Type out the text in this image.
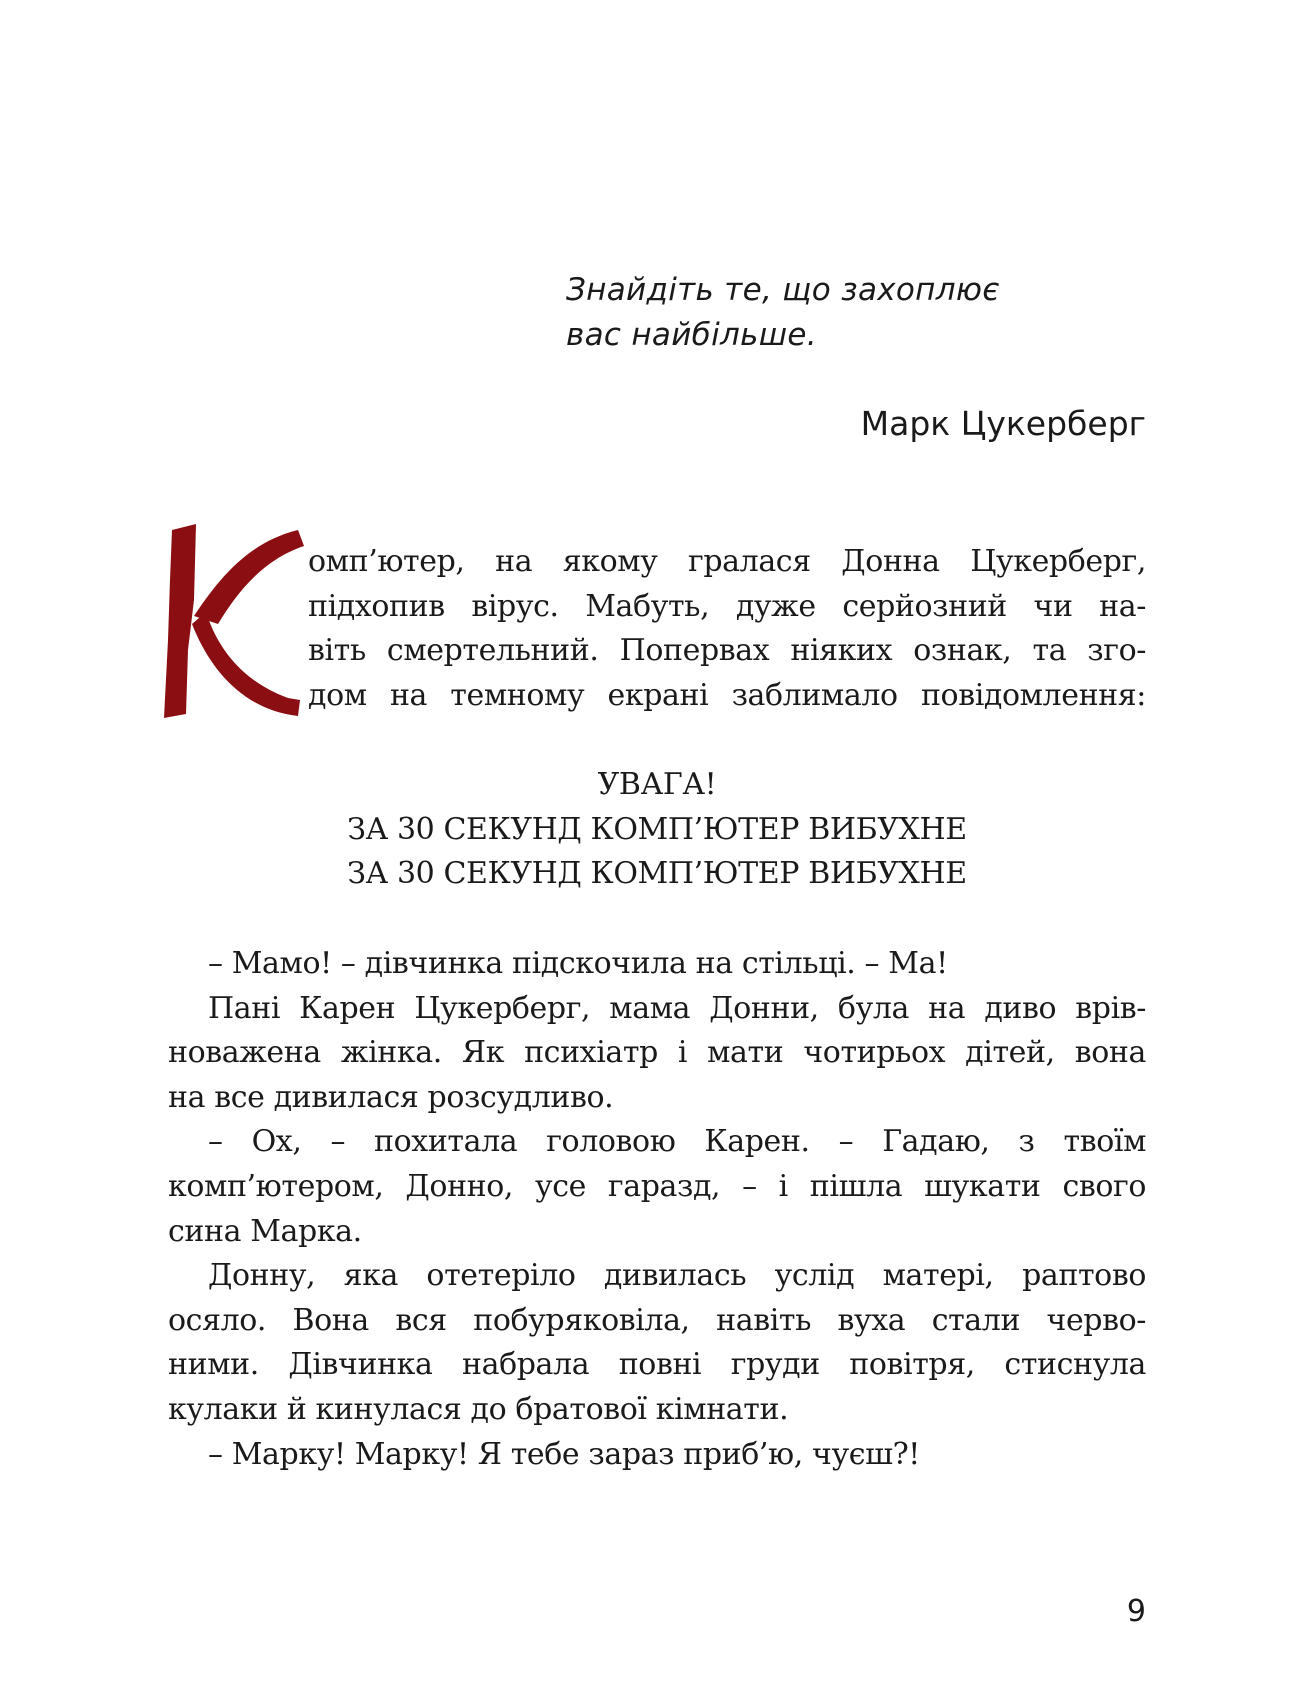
Знайдіть те, що захоплює
вас найбільше.
Марк Цукерберг
омп’ютер, на якому гралася Донна Цукерберг,
підхопив вірус. Мабуть, дуже серйозний чи на-
віть смертельний. Попервах ніяких ознак, та зго-
дом на темному екрані заблимало повідомлення:
УВАГА!
ЗА 30 СЕКУНД КОМП’ЮТЕР ВИБУХНЕ
ЗА 30 СЕКУНД КОМП’ЮТЕР ВИБУХНЕ
– Мамо! – дівчинка підскочила на стільці. – Ма!
Пані Карен Цукерберг, мама Донни, була на диво врів-
новажена жінка. Як психіатр і мати чотирьох дітей, вона
на все дивилася розсудливо.
– Ох, – похитала головою Карен. – Гадаю, з твоїм
комп’ютером, Донно, усе гаразд, – і пішла шукати свого
сина Марка.
Донну, яка отетеріло дивилась услід матері, раптово
осяло. Вона вся побуряковіла, навіть вуха стали черво-
ними. Дівчинка набрала повні груди повітря, стиснула
кулаки й кинулася до братової кімнати.
– Марку! Марку! Я тебе зараз приб’ю, чуєш?!
9
